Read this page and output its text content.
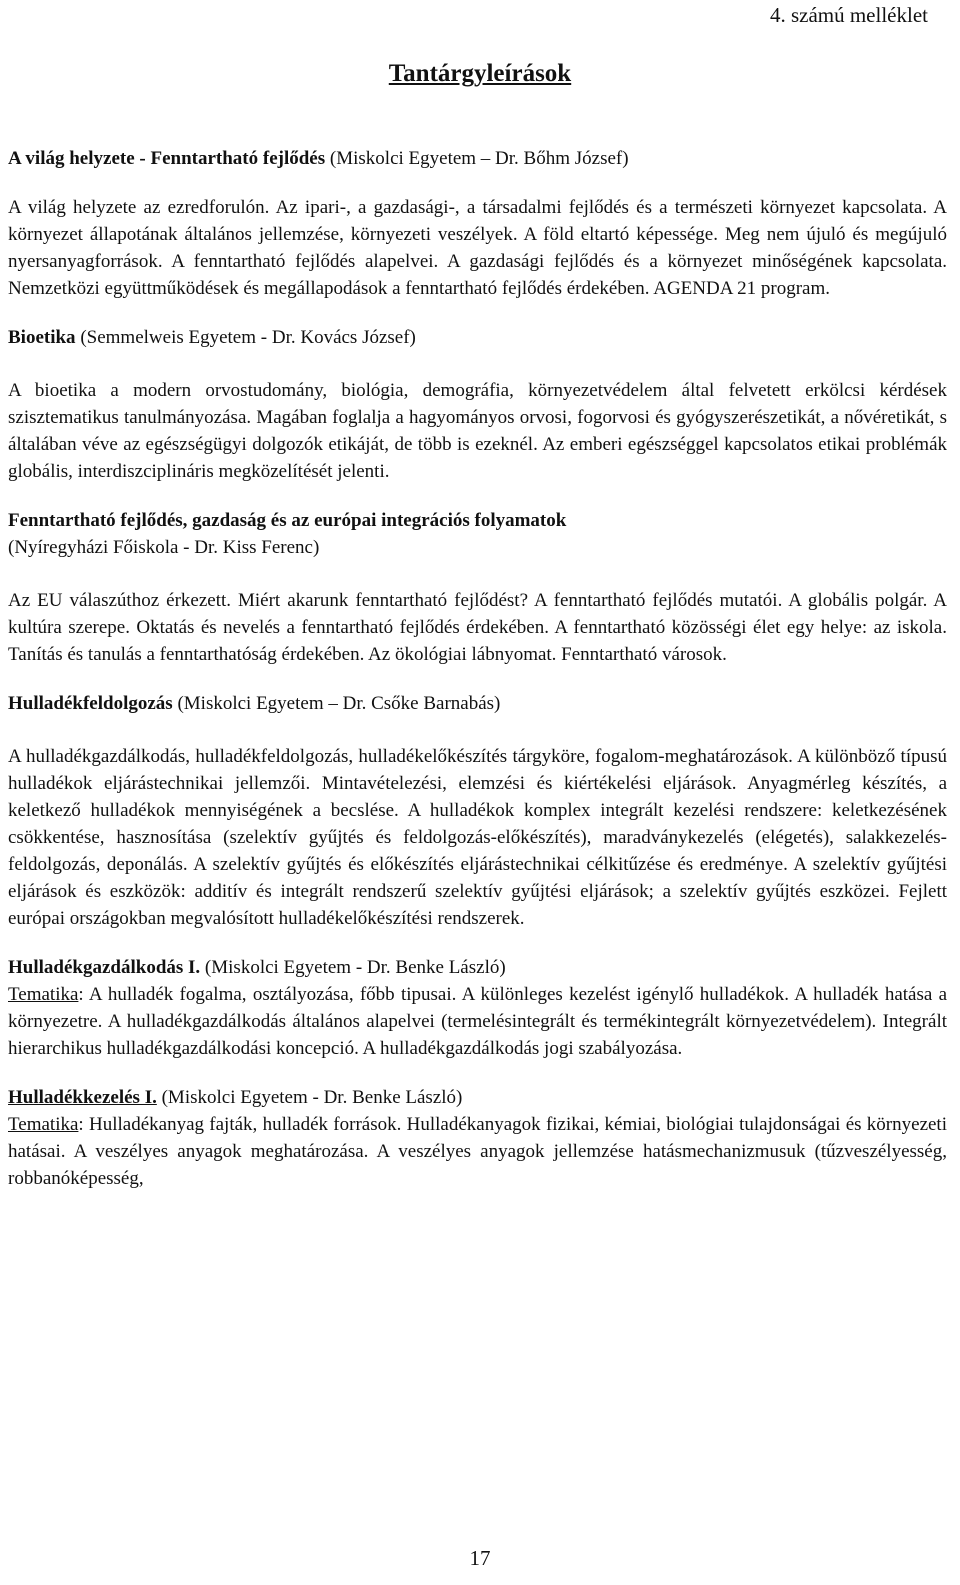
4. számú melléklet
Tantárgyleírások

A világ helyzete - Fenntartható fejlődés (Miskolci Egyetem – Dr. Bőhm József)

A világ helyzete az ezredforulón. Az ipari-, a gazdasági-, a társadalmi fejlődés és a természeti környezet kapcsolata. A környezet állapotának általános jellemzése, környezeti veszélyek. A föld eltartó képessége. Meg nem újuló és megújuló nyersanyagforrások. A fenntartható fejlődés alapelvei. A gazdasági fejlődés és a környezet minőségének kapcsolata. Nemzetközi együttműködések és megállapodások a fenntartható fejlődés érdekében. AGENDA 21 program.

Bioetika (Semmelweis Egyetem - Dr. Kovács József)

A bioetika a modern orvostudomány, biológia, demográfia, környezetvédelem által felvetett erkölcsi kérdések szisztematikus tanulmányozása. Magában foglalja a hagyományos orvosi, fogorvosi és gyógyszerészetikát, a nővéretikát, s általában véve az egészségügyi dolgozók etikáját, de több is ezeknél. Az emberi egészséggel kapcsolatos etikai problémák globális, interdiszciplináris megközelítését jelenti.

Fenntartható fejlődés, gazdaság és az európai integrációs folyamatok
(Nyíregyházi Főiskola - Dr. Kiss Ferenc)

Az EU válaszúthoz érkezett. Miért akarunk fenntartható fejlődést? A fenntartható fejlődés mutatói. A globális polgár. A kultúra szerepe. Oktatás és nevelés a fenntartható fejlődés érdekében. A fenntartható közösségi élet egy helye: az iskola. Tanítás és tanulás a fenntarthatóság érdekében. Az ökológiai lábnyomat. Fenntartható városok.

Hulladékfeldolgozás (Miskolci Egyetem – Dr. Csőke Barnabás)

A hulladékgazdálkodás, hulladékfeldolgozás, hulladékelőkészítés tárgyköre, fogalom-meghatározások. A különböző típusú hulladékok eljárástechnikai jellemzői. Mintavételezési, elemzési és kiértékelési eljárások. Anyagmérleg készítés, a keletkező hulladékok mennyiségének a becslése. A hulladékok komplex integrált kezelési rendszere: keletkezésének csökkentése, hasznosítása (szelektív gyűjtés és feldolgozás-előkészítés), maradványkezelés (elégetés), salakkezelés-feldolgozás, deponálás. A szelektív gyűjtés és előkészítés eljárástechnikai célkitűzése és eredménye. A szelektív gyűjtési eljárások és eszközök: additív és integrált rendszerű szelektív gyűjtési eljárások; a szelektív gyűjtés eszközei. Fejlett európai országokban megvalósított hulladékelőkészítési rendszerek.

Hulladékgazdálkodás I. (Miskolci Egyetem - Dr. Benke László)

Tematika: A hulladék fogalma, osztályozása, főbb tipusai. A különleges kezelést igénylő hulladékok. A hulladék hatása a környezetre. A hulladékgazdálkodás általános alapelvei (termelésintegrált és termékintegrált környezetvédelem). Integrált hierarchikus hulladékgazdálkodási koncepció. A hulladékgazdálkodás jogi szabályozása.

Hulladékkezelés I. (Miskolci Egyetem - Dr. Benke László)

Tematika: Hulladékanyag fajták, hulladék források. Hulladékanyagok fizikai, kémiai, biológiai tulajdonságai és környezeti hatásai. A veszélyes anyagok meghatározása. A veszélyes anyagok jellemzése hatásmechanizmusuk (tűzveszélyesség, robbanóképesség,

17
